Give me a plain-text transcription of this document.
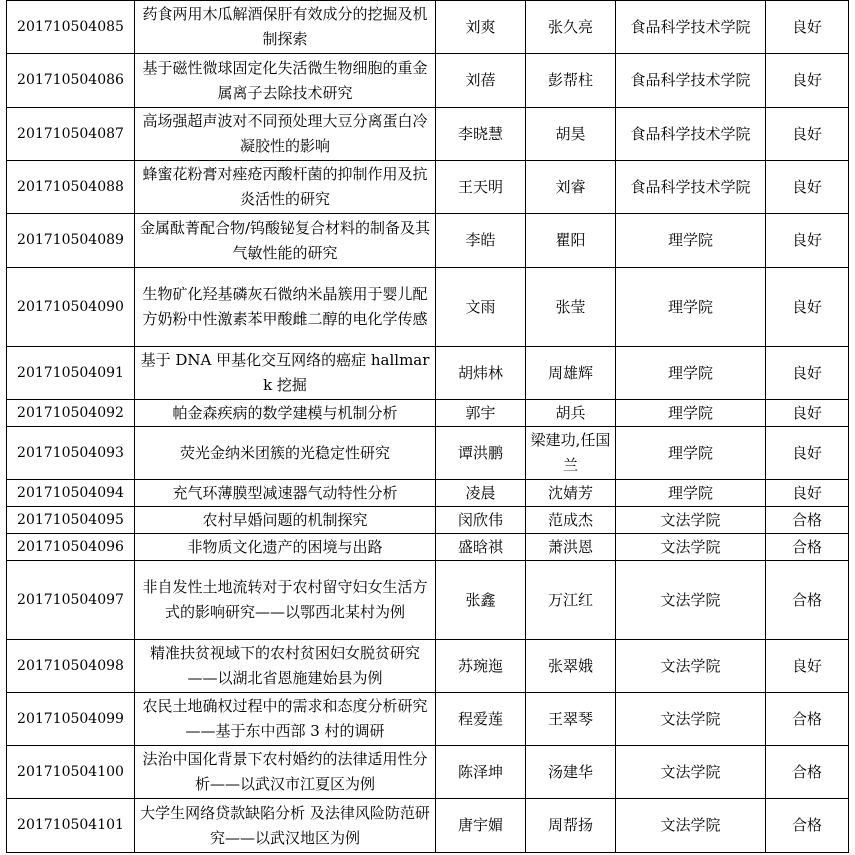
201710504085	药食两用木瓜解酒保肝有效成分的挖掘及机制探索	刘爽	张久亮	食品科学技术学院	良好
201710504086	基于磁性微球固定化失活微生物细胞的重金属离子去除技术研究	刘蓓	彭帮柱	食品科学技术学院	良好
201710504087	高场强超声波对不同预处理大豆分离蛋白冷凝胶性的影响	李晓慧	胡昊	食品科学技术学院	良好
201710504088	蜂蜜花粉膏对痤疮丙酸杆菌的抑制作用及抗炎活性的研究	王天明	刘睿	食品科学技术学院	良好
201710504089	金属酞菁配合物/钨酸铋复合材料的制备及其气敏性能的研究	李皓	瞿阳	理学院	良好
201710504090	生物矿化羟基磷灰石微纳米晶簇用于婴儿配方奶粉中性激素苯甲酸雌二醇的电化学传感	文雨	张莹	理学院	良好
201710504091	基于 DNA 甲基化交互网络的癌症 hallmark 挖掘	胡炜林	周雄辉	理学院	良好
201710504092	帕金森疾病的数学建模与机制分析	郭宇	胡兵	理学院	良好
201710504093	荧光金纳米团簇的光稳定性研究	谭洪鹏	梁建功,任国兰	理学院	良好
201710504094	充气环薄膜型减速器气动特性分析	凌晨	沈婧芳	理学院	良好
201710504095	农村早婚问题的机制探究	闵欣伟	范成杰	文法学院	合格
201710504096	非物质文化遗产的困境与出路	盛晗祺	萧洪恩	文法学院	合格
201710504097	非自发性土地流转对于农村留守妇女生活方式的影响研究——以鄂西北某村为例	张鑫	万江红	文法学院	合格
201710504098	精准扶贫视域下的农村贫困妇女脱贫研究——以湖北省恩施建始县为例	苏琬迤	张翠娥	文法学院	良好
201710504099	农民土地确权过程中的需求和态度分析研究——基于东中西部 3 村的调研	程爱莲	王翠琴	文法学院	合格
201710504100	法治中国化背景下农村婚约的法律适用性分析——以武汉市江夏区为例	陈泽坤	汤建华	文法学院	合格
201710504101	大学生网络贷款缺陷分析 及法律风险防范研究——以武汉地区为例	唐宇媚	周帮扬	文法学院	合格
